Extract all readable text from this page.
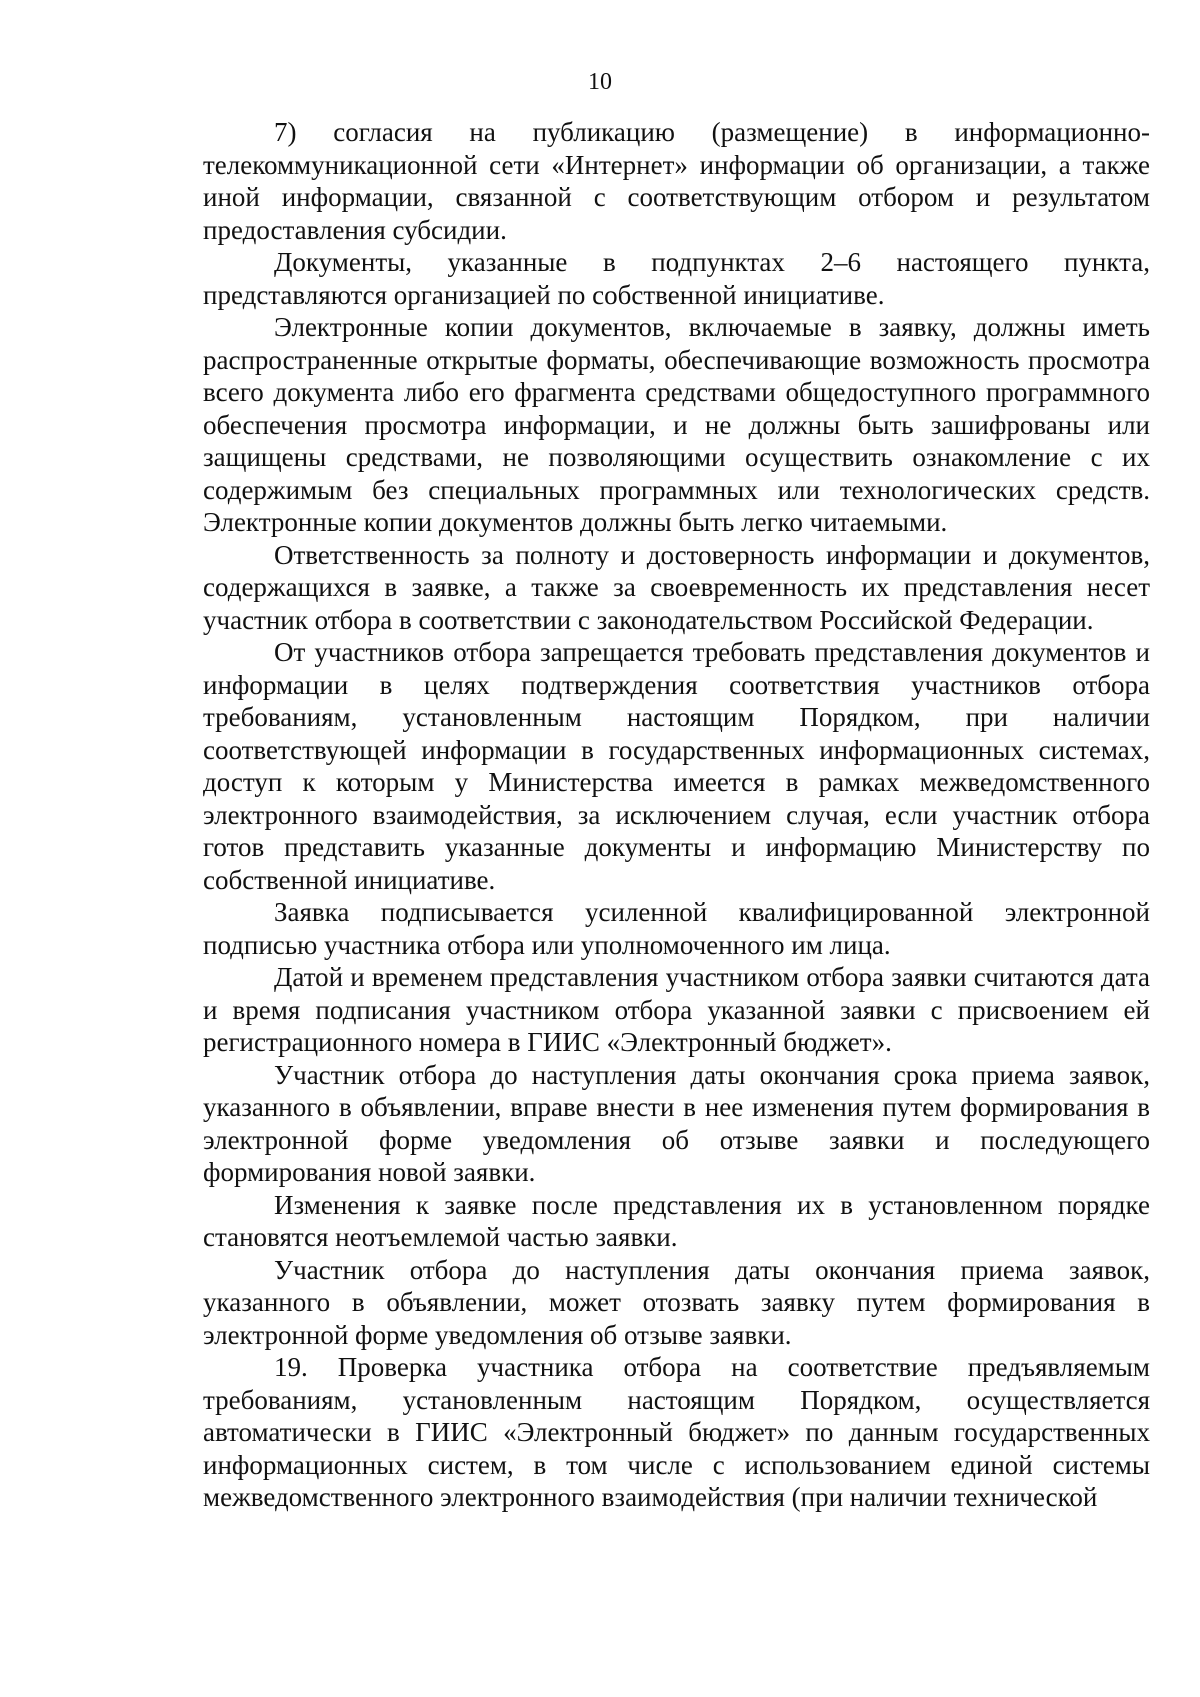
10

7) согласия на публикацию (размещение) в информационно-телекоммуникационной сети «Интернет» информации об организации, а также иной информации, связанной с соответствующим отбором и результатом предоставления субсидии.

Документы, указанные в подпунктах 2–6 настоящего пункта, представляются организацией по собственной инициативе.

Электронные копии документов, включаемые в заявку, должны иметь распространенные открытые форматы, обеспечивающие возможность просмотра всего документа либо его фрагмента средствами общедоступного программного обеспечения просмотра информации, и не должны быть зашифрованы или защищены средствами, не позволяющими осуществить ознакомление с их содержимым без специальных программных или технологических средств. Электронные копии документов должны быть легко читаемыми.

Ответственность за полноту и достоверность информации и документов, содержащихся в заявке, а также за своевременность их представления несет участник отбора в соответствии с законодательством Российской Федерации.

От участников отбора запрещается требовать представления документов и информации в целях подтверждения соответствия участников отбора требованиям, установленным настоящим Порядком, при наличии соответствующей информации в государственных информационных системах, доступ к которым у Министерства имеется в рамках межведомственного электронного взаимодействия, за исключением случая, если участник отбора готов представить указанные документы и информацию Министерству по собственной инициативе.

Заявка подписывается усиленной квалифицированной электронной подписью участника отбора или уполномоченного им лица.

Датой и временем представления участником отбора заявки считаются дата и время подписания участником отбора указанной заявки с присвоением ей регистрационного номера в ГИИС «Электронный бюджет».

Участник отбора до наступления даты окончания срока приема заявок, указанного в объявлении, вправе внести в нее изменения путем формирования в электронной форме уведомления об отзыве заявки и последующего формирования новой заявки.

Изменения к заявке после представления их в установленном порядке становятся неотъемлемой частью заявки.

Участник отбора до наступления даты окончания приема заявок, указанного в объявлении, может отозвать заявку путем формирования в электронной форме уведомления об отзыве заявки.

19. Проверка участника отбора на соответствие предъявляемым требованиям, установленным настоящим Порядком, осуществляется автоматически в ГИИС «Электронный бюджет» по данным государственных информационных систем, в том числе с использованием единой системы межведомственного электронного взаимодействия (при наличии технической
